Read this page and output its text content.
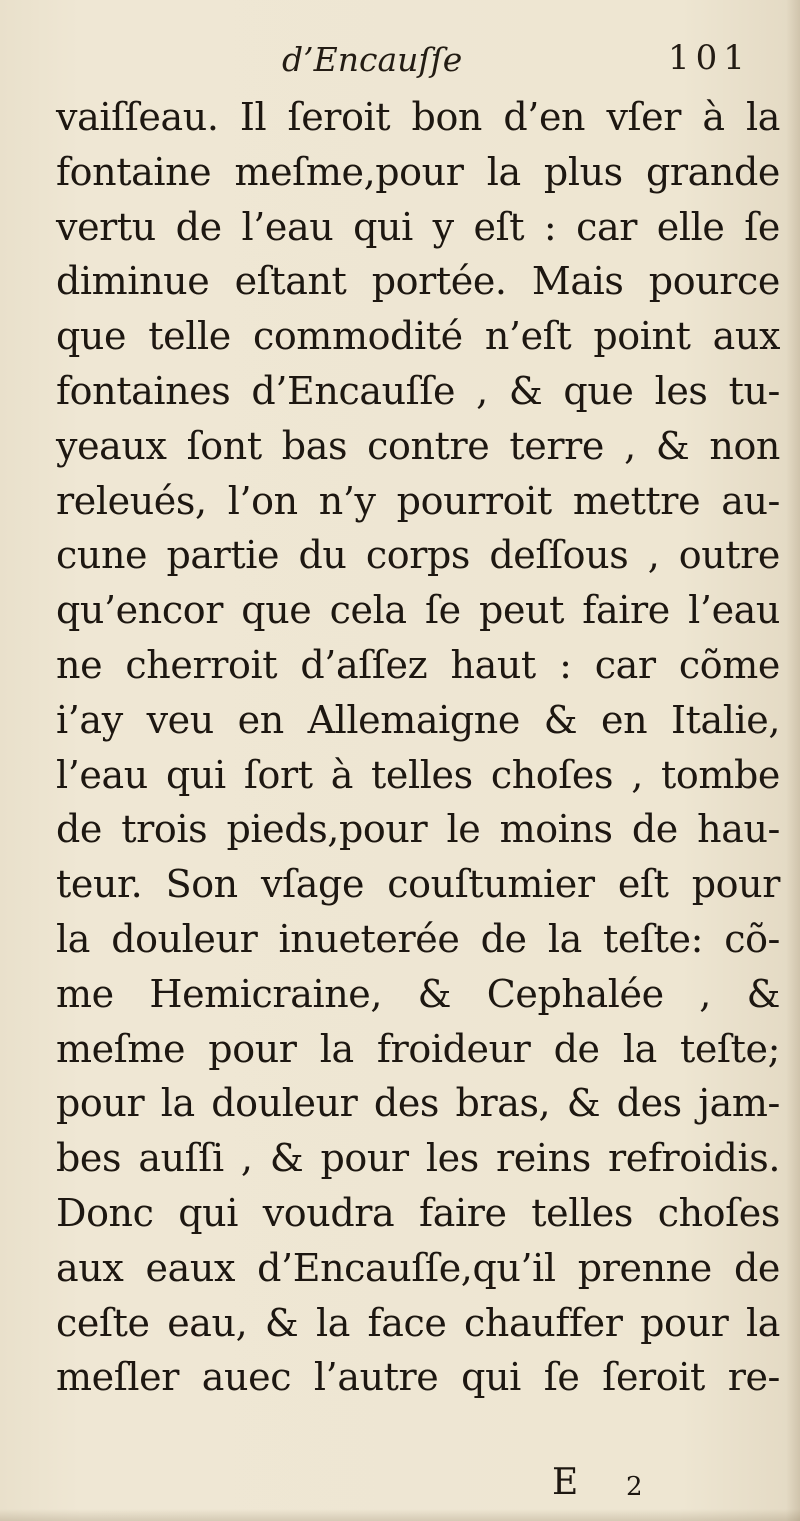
d’Encauſſe	101
vaiſſeau. Il ſeroit bon d’en vſer à la
fontaine meſme,pour la plus grande
vertu de l’eau qui y eſt : car elle ſe
diminue eſtant portée. Mais pource
que telle commodité n’eſt point aux
fontaines d’Encauſſe , & que les tu-
yeaux ſont bas contre terre , & non
releués, l’on n’y pourroit mettre au-
cune partie du corps deſſous , outre
qu’encor que cela ſe peut faire l’eau
ne cherroit d’aſſez haut : car cõme
i’ay veu en Allemaigne & en Italie,
l’eau qui ſort à telles choſes , tombe
de trois pieds,pour le moins de hau-
teur. Son vſage couſtumier eſt pour
la douleur inueterée de la teſte: cõ-
me Hemicraine, & Cephalée , &
meſme pour la froideur de la teſte;
pour la douleur des bras, & des jam-
bes auſſi , & pour les reins refroidis.
Donc qui voudra faire telles choſes
aux eaux d’Encauſſe,qu’il prenne de
ceſte eau, & la face chauffer pour la
meſler auec l’autre qui ſe ſeroit re-
E 2
